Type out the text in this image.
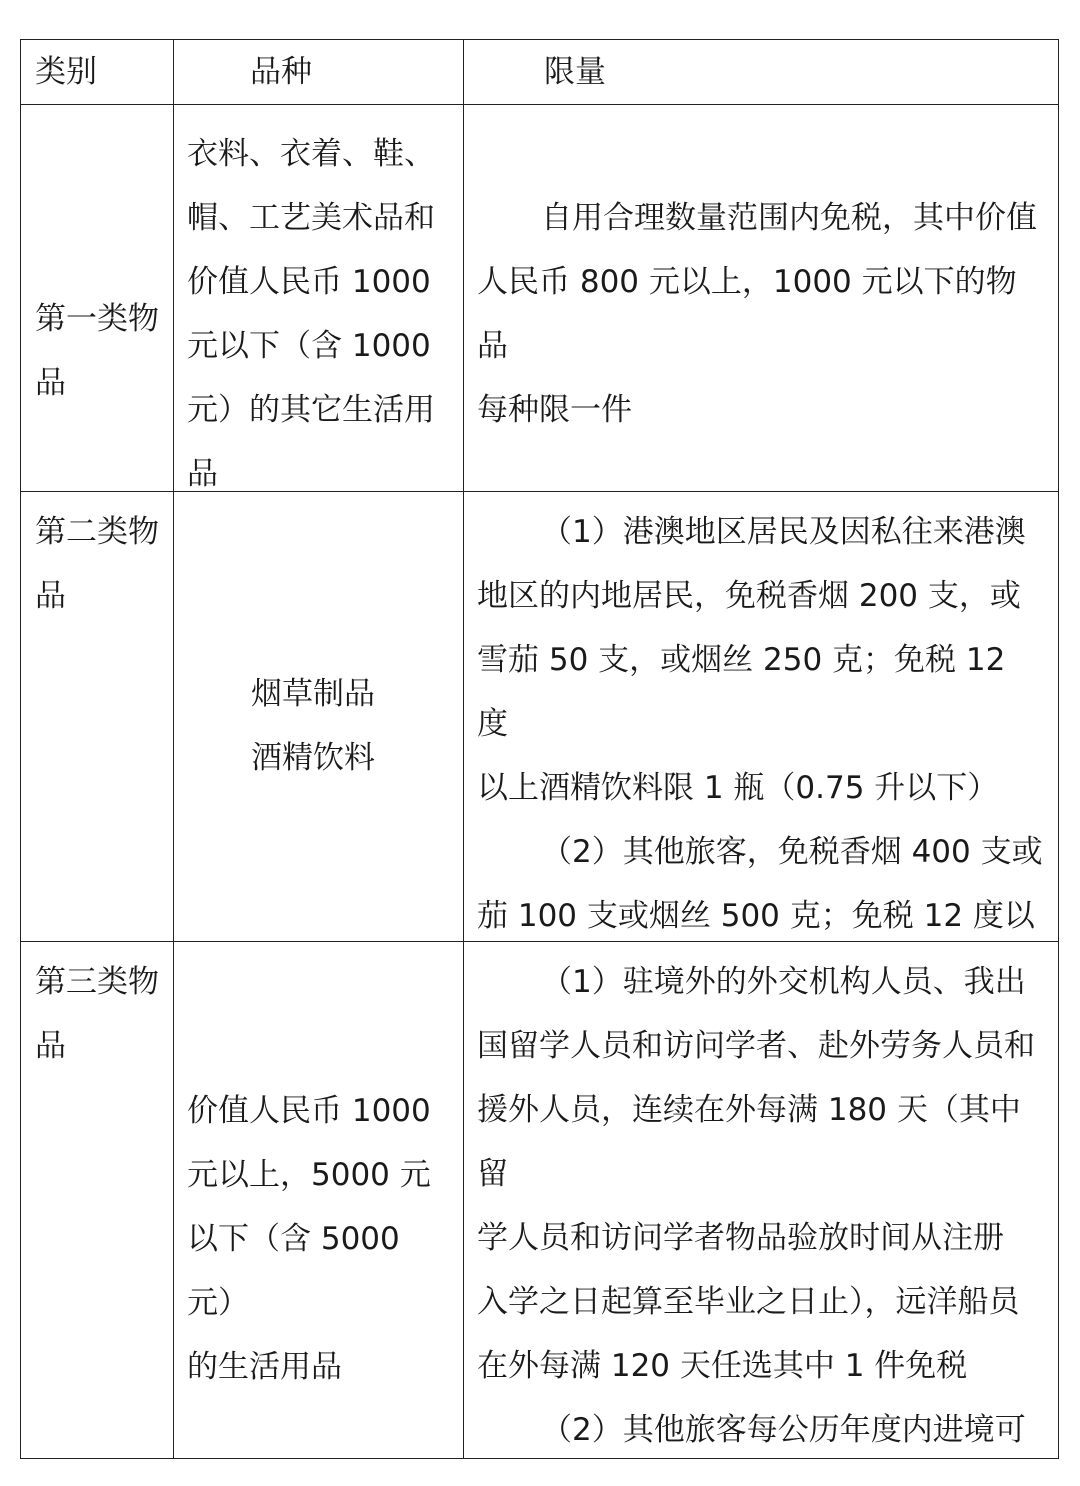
类别	品种	限量
第一类物
品
衣料、衣着、鞋、
帽、工艺美术品和
价值人民币 1000
元以下（含 1000
元）的其它生活用
品
自用合理数量范围内免税，其中价值
人民币 800 元以上，1000 元以下的物品
每种限一件
第二类物
品
烟草制品
酒精饮料
（1）港澳地区居民及因私往来港澳
地区的内地居民，免税香烟 200 支，或
雪茄 50 支，或烟丝 250 克；免税 12 度
以上酒精饮料限 1 瓶（0.75 升以下）
（2）其他旅客，免税香烟 400 支或
茄 100 支或烟丝 500 克；免税 12 度以
第三类物
品
价值人民币 1000
元以上，5000 元
以下（含 5000 元）
的生活用品
（1）驻境外的外交机构人员、我出
国留学人员和访问学者、赴外劳务人员和
援外人员，连续在外每满 180 天（其中留
学人员和访问学者物品验放时间从注册
入学之日起算至毕业之日止），远洋船员
在外每满 120 天任选其中 1 件免税
（2）其他旅客每公历年度内进境可
